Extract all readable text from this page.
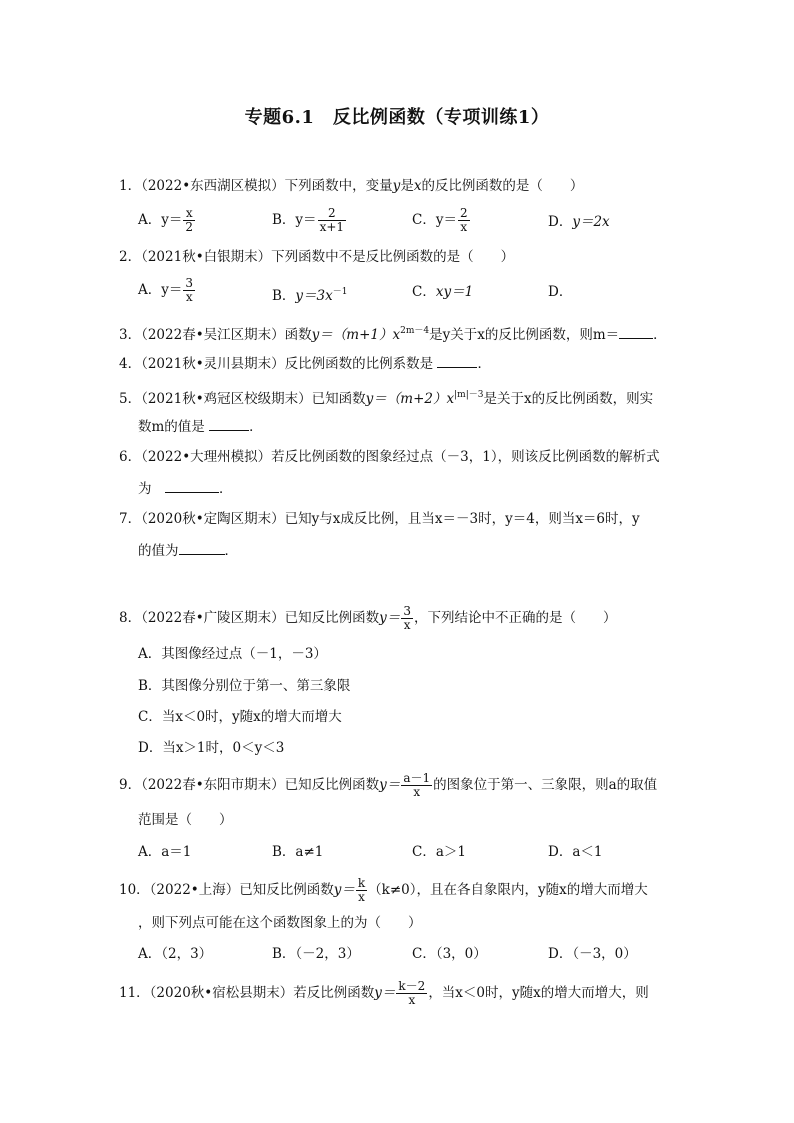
专题6.1　反比例函数（专项训练1）
1．（2022•东西湖区模拟）下列函数中，变量y是x的反比例函数的是（　　）
A．$y= \frac{x}{2}$	B．$y= \frac{2}{x+1}$	C．$y= \frac{2}{x}$	D．y＝2x
2．（2021秋•白银期末）下列函数中不是反比例函数的是（　　）
A．$y= \frac{3}{x}$	B．$y=3x^{-1}$	C．xy＝1	D．
3．（2022春•吴江区期末）函数$y=(m+1)x^{2m-4}$是y关于x的反比例函数，则m＝	．
4．（2021秋•灵川县期末）反比例函数的比例系数是	．
5．（2021秋•鸡冠区校级期末）已知函数$y=(m+2)x^{|m|-3}$是关于x的反比例函数，则实
数m的值是	．
6．（2022•大理州模拟）若反比例函数的图象经过点（－3，1），则该反比例函数的解析式
为　	．
7．（2020秋•定陶区期末）已知y与x成反比例，且当x＝－3时，y＝4，则当x＝6时，y
的值为	．
8．（2022春•广陵区期末）已知反比例函数$y= \frac{3}{x}$ ，下列结论中不正确的是（　　）
A．其图像经过点（－1，－3）
B．其图像分别位于第一、第三象限
C．当x＜0时，y随x的增大而增大
D．当x＞1时，0＜y＜3
9．（2022春•东阳市期末）已知反比例函数$y= \frac{a-1}{x}$ 的图象位于第一、三象限，则a的取值
范围是（　　）
A．a＝1	B．a≠1	C．a＞1	D．a＜1
10．（2022•上海）已知反比例函数$y= \frac{k}{x} (k\ne 0)$，且在各自象限内，y随x的增大而增大
，则下列点可能在这个函数图象上的为（　　）
A．（2，3）	B．（－2，3）	C．（3，0）	D．（－3，0）
11．（2020秋•宿松县期末）若反比例函数$y= \frac{k-2}{x}$ ，当x＜0时，y随x的增大而增大，则
